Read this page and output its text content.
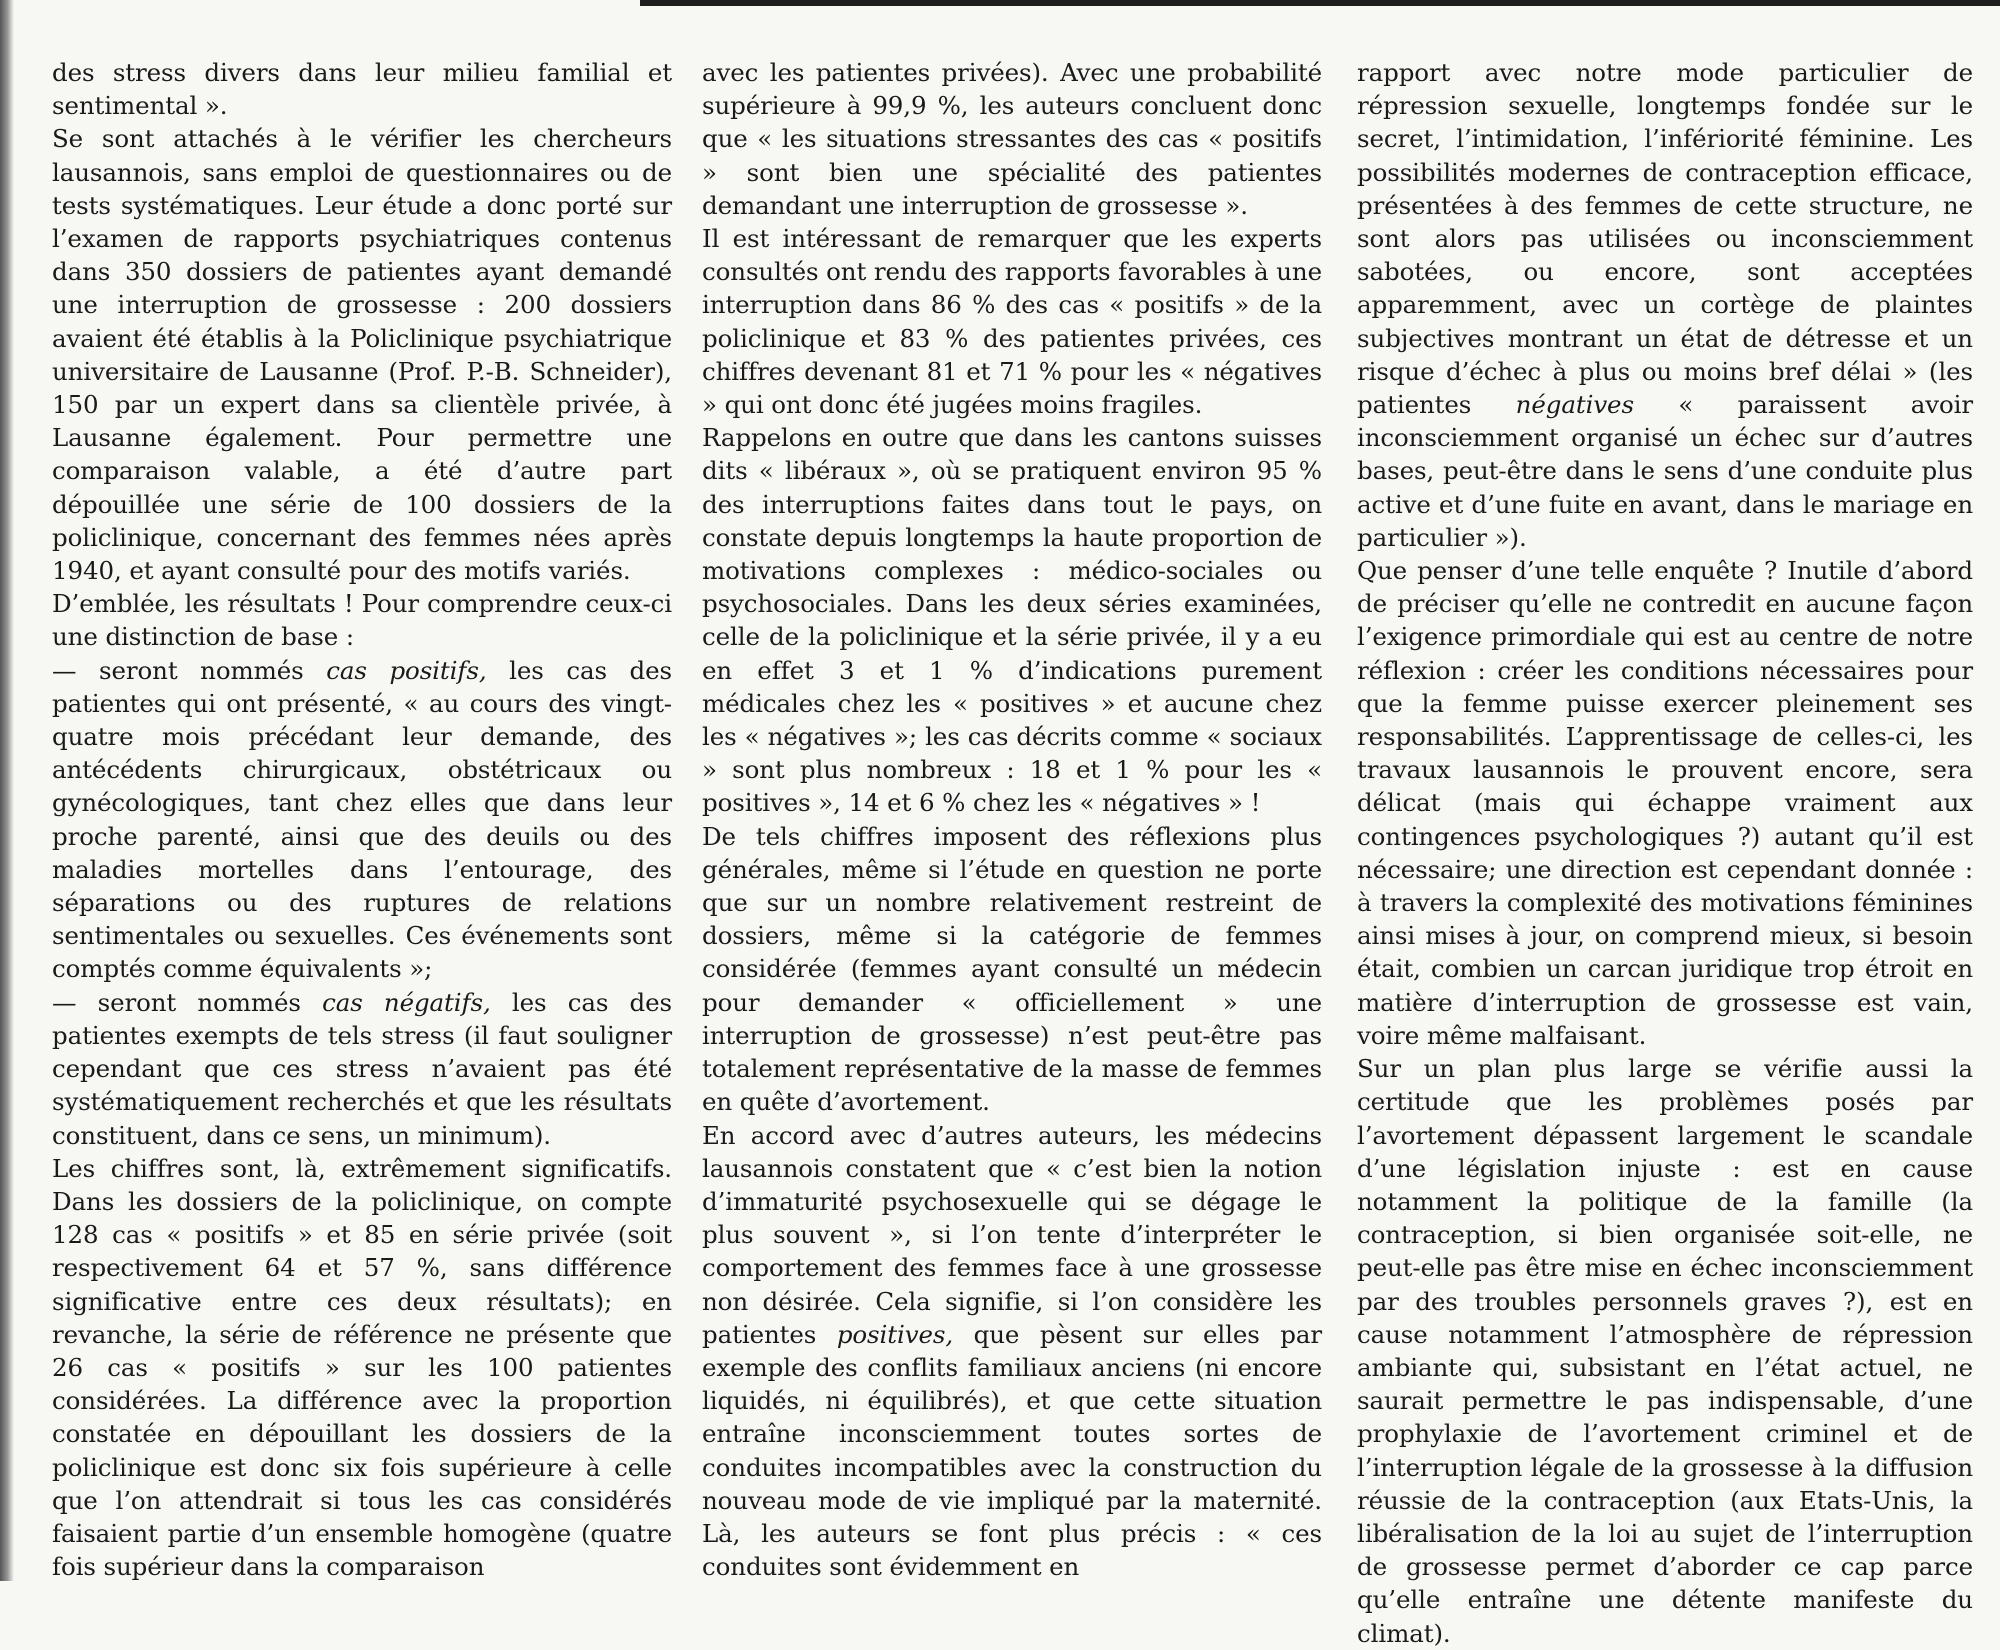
des stress divers dans leur milieu familial et sentimental ».

Se sont attachés à le vérifier les chercheurs lausannois, sans emploi de questionnaires ou de tests systématiques. Leur étude a donc porté sur l’examen de rapports psychiatriques contenus dans 350 dossiers de patientes ayant demandé une interruption de grossesse : 200 dossiers avaient été établis à la Policlinique psychiatrique universitaire de Lausanne (Prof. P.-B. Schneider), 150 par un expert dans sa clientèle privée, à Lausanne également. Pour permettre une comparaison valable, a été d’autre part dépouillée une série de 100 dossiers de la policlinique, concernant des femmes nées après 1940, et ayant consulté pour des motifs variés.

D’emblée, les résultats ! Pour comprendre ceux-ci une distinction de base :

— seront nommés cas positifs, les cas des patientes qui ont présenté, « au cours des vingt-quatre mois précédant leur demande, des antécédents chirurgicaux, obstétricaux ou gynécologiques, tant chez elles que dans leur proche parenté, ainsi que des deuils ou des maladies mortelles dans l’entourage, des séparations ou des ruptures de relations sentimentales ou sexuelles. Ces événements sont comptés comme équivalents »;

— seront nommés cas négatifs, les cas des patientes exempts de tels stress (il faut souligner cependant que ces stress n’avaient pas été systématiquement recherchés et que les résultats constituent, dans ce sens, un minimum).

Les chiffres sont, là, extrêmement significatifs. Dans les dossiers de la policlinique, on compte 128 cas « positifs » et 85 en série privée (soit respectivement 64 et 57 %, sans différence significative entre ces deux résultats); en revanche, la série de référence ne présente que 26 cas « positifs » sur les 100 patientes considérées. La différence avec la proportion constatée en dépouillant les dossiers de la policlinique est donc six fois supérieure à celle que l’on attendrait si tous les cas considérés faisaient partie d’un ensemble homogène (quatre fois supérieur dans la comparaison

avec les patientes privées). Avec une probabilité supérieure à 99,9 %, les auteurs concluent donc que « les situations stressantes des cas « positifs » sont bien une spécialité des patientes demandant une interruption de grossesse ».

Il est intéressant de remarquer que les experts consultés ont rendu des rapports favorables à une interruption dans 86 % des cas « positifs » de la policlinique et 83 % des patientes privées, ces chiffres devenant 81 et 71 % pour les « négatives » qui ont donc été jugées moins fragiles.

Rappelons en outre que dans les cantons suisses dits « libéraux », où se pratiquent environ 95 % des interruptions faites dans tout le pays, on constate depuis longtemps la haute proportion de motivations complexes : médico-sociales ou psychosociales. Dans les deux séries examinées, celle de la policlinique et la série privée, il y a eu en effet 3 et 1 % d’indications purement médicales chez les « positives » et aucune chez les « négatives »; les cas décrits comme « sociaux » sont plus nombreux : 18 et 1 % pour les « positives », 14 et 6 % chez les « négatives » !

De tels chiffres imposent des réflexions plus générales, même si l’étude en question ne porte que sur un nombre relativement restreint de dossiers, même si la catégorie de femmes considérée (femmes ayant consulté un médecin pour demander « officiellement » une interruption de grossesse) n’est peut-être pas totalement représentative de la masse de femmes en quête d’avortement.

En accord avec d’autres auteurs, les médecins lausannois constatent que « c’est bien la notion d’immaturité psychosexuelle qui se dégage le plus souvent », si l’on tente d’interpréter le comportement des femmes face à une grossesse non désirée. Cela signifie, si l’on considère les patientes positives, que pèsent sur elles par exemple des conflits familiaux anciens (ni encore liquidés, ni équilibrés), et que cette situation entraîne inconsciemment toutes sortes de conduites incompatibles avec la construction du nouveau mode de vie impliqué par la maternité. Là, les auteurs se font plus précis : « ces conduites sont évidemment en

rapport avec notre mode particulier de répression sexuelle, longtemps fondée sur le secret, l’intimidation, l’infériorité féminine. Les possibilités modernes de contraception efficace, présentées à des femmes de cette structure, ne sont alors pas utilisées ou inconsciemment sabotées, ou encore, sont acceptées apparemment, avec un cortège de plaintes subjectives montrant un état de détresse et un risque d’échec à plus ou moins bref délai » (les patientes négatives « paraissent avoir inconsciemment organisé un échec sur d’autres bases, peut-être dans le sens d’une conduite plus active et d’une fuite en avant, dans le mariage en particulier »).

Que penser d’une telle enquête ? Inutile d’abord de préciser qu’elle ne contredit en aucune façon l’exigence primordiale qui est au centre de notre réflexion : créer les conditions nécessaires pour que la femme puisse exercer pleinement ses responsabilités. L’apprentissage de celles-ci, les travaux lausannois le prouvent encore, sera délicat (mais qui échappe vraiment aux contingences psychologiques ?) autant qu’il est nécessaire; une direction est cependant donnée : à travers la complexité des motivations féminines ainsi mises à jour, on comprend mieux, si besoin était, combien un carcan juridique trop étroit en matière d’interruption de grossesse est vain, voire même malfaisant.

Sur un plan plus large se vérifie aussi la certitude que les problèmes posés par l’avortement dépassent largement le scandale d’une législation injuste : est en cause notamment la politique de la famille (la contraception, si bien organisée soit-elle, ne peut-elle pas être mise en échec inconsciemment par des troubles personnels graves ?), est en cause notamment l’atmosphère de répression ambiante qui, subsistant en l’état actuel, ne saurait permettre le pas indispensable, d’une prophylaxie de l’avortement criminel et de l’interruption légale de la grossesse à la diffusion réussie de la contraception (aux Etats-Unis, la libéralisation de la loi au sujet de l’interruption de grossesse permet d’aborder ce cap parce qu’elle entraîne une détente manifeste du climat).
